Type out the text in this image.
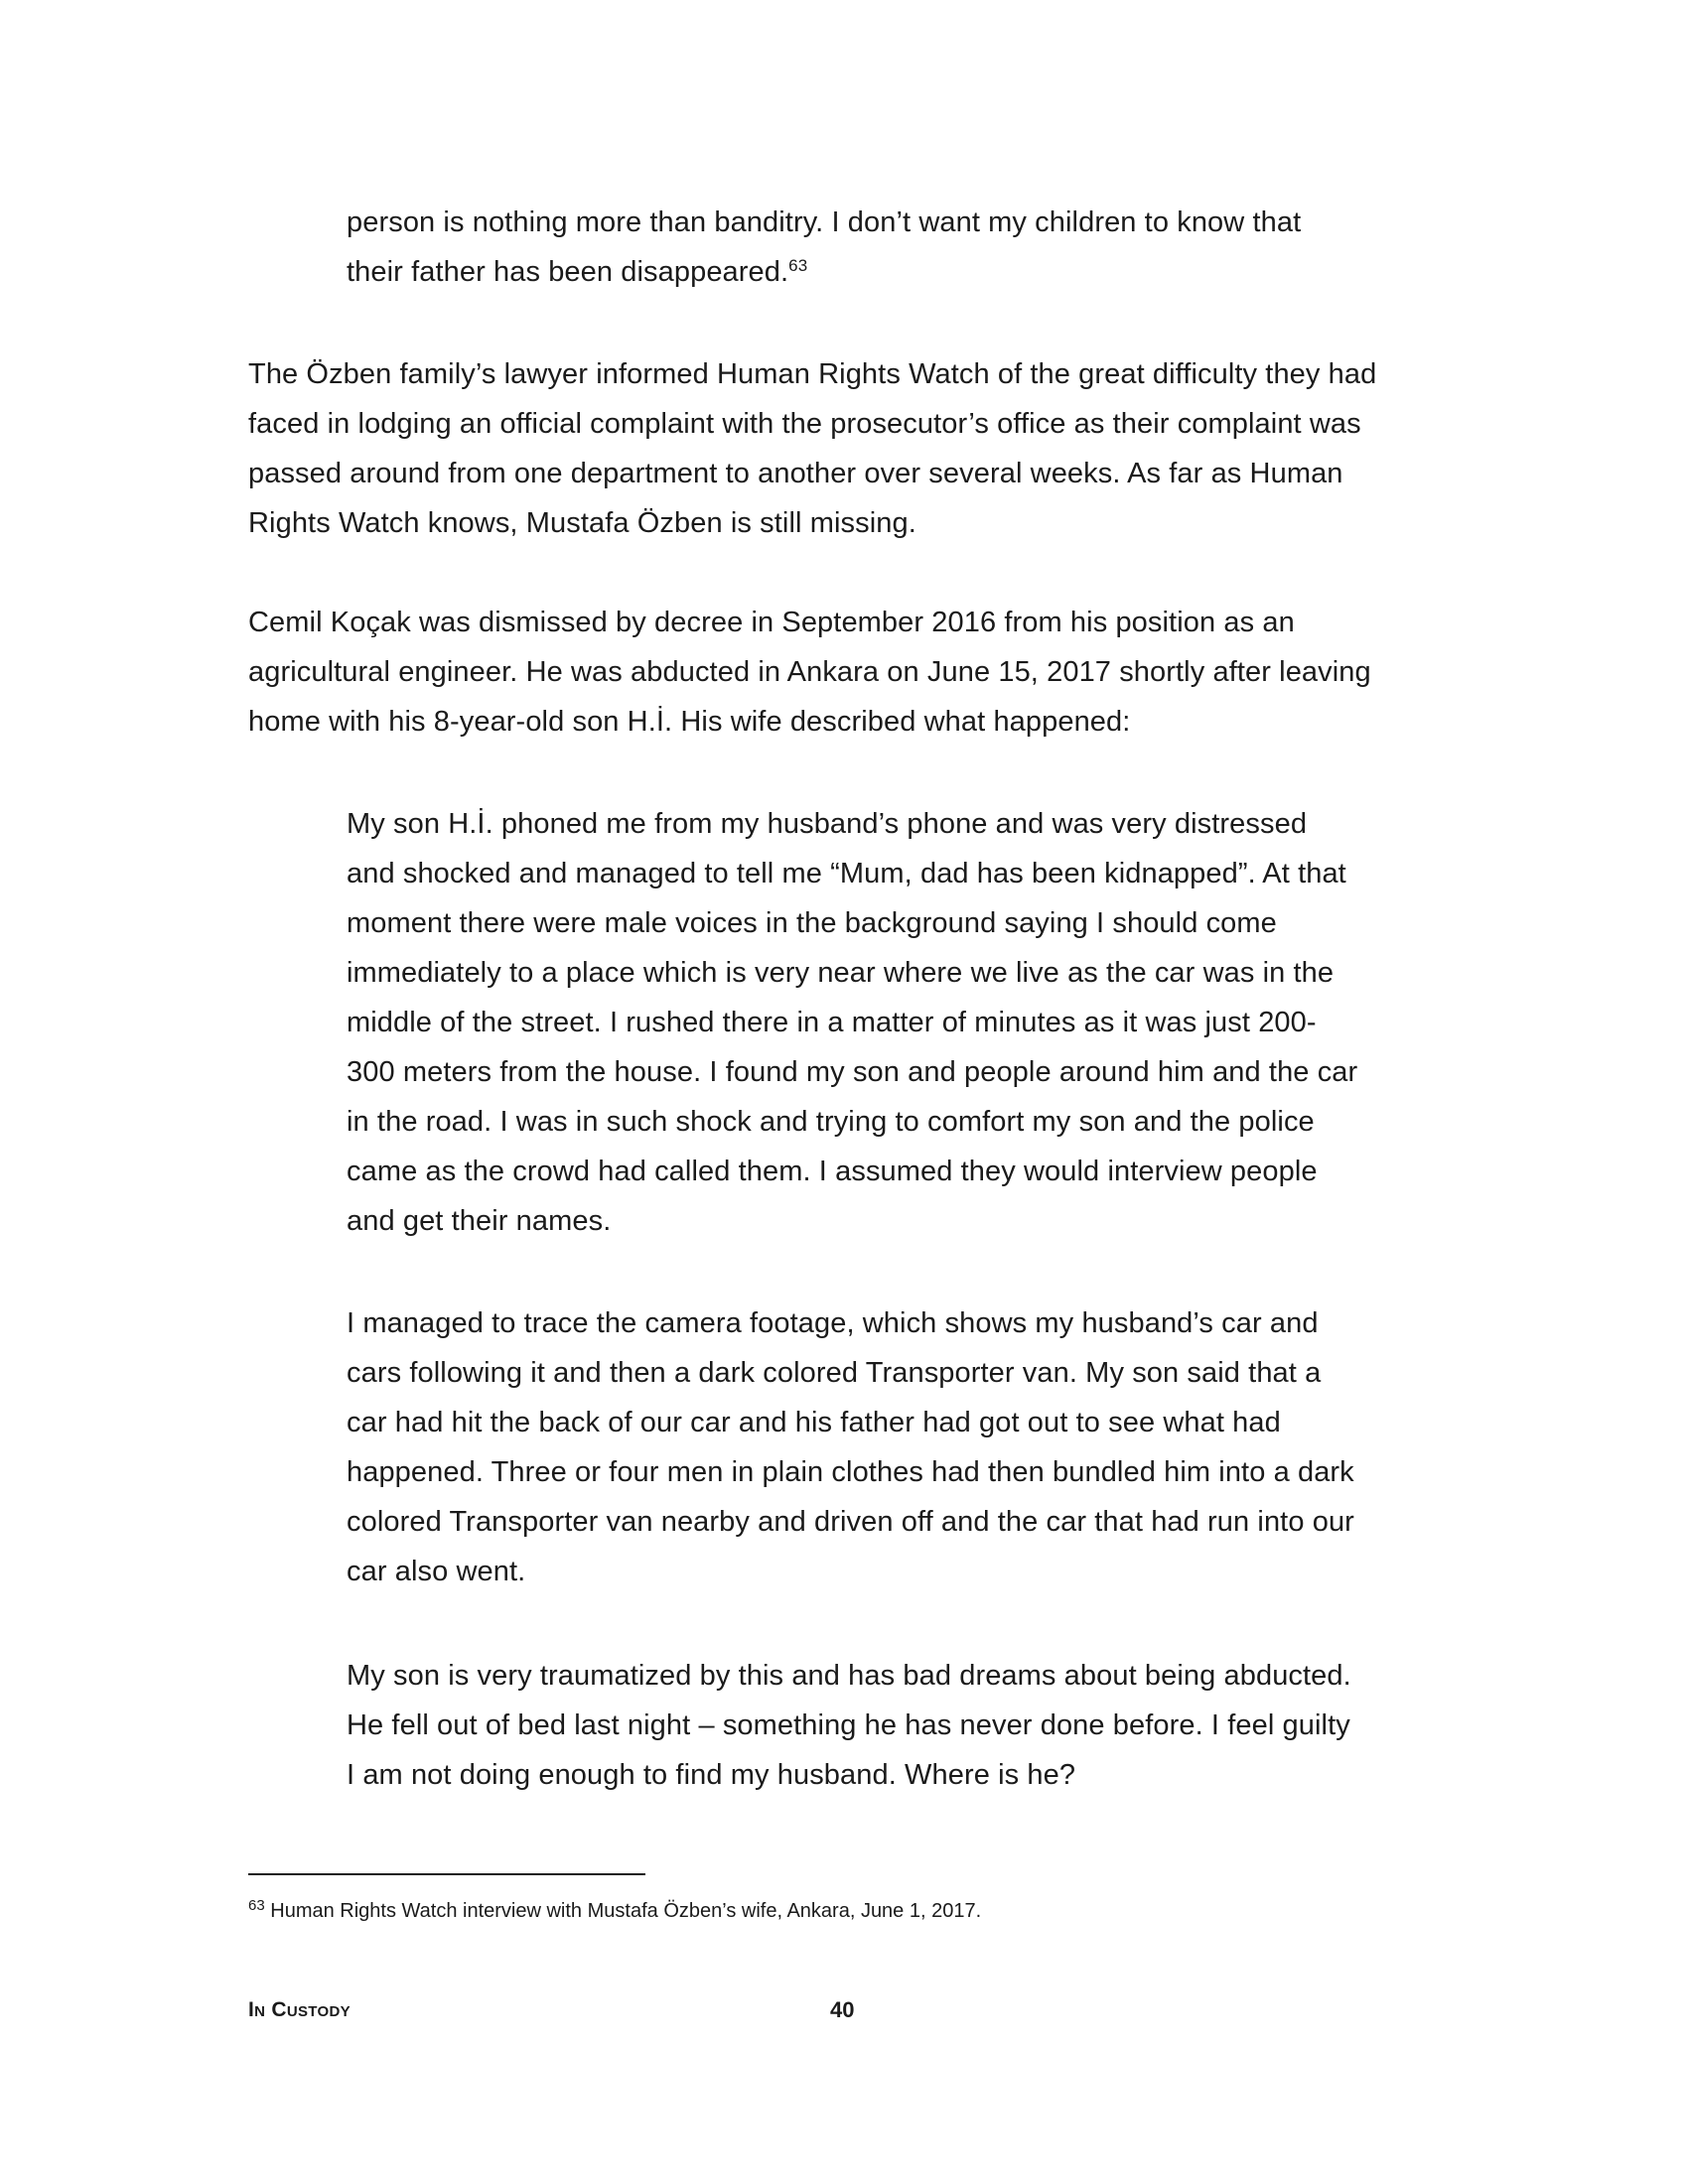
person is nothing more than banditry. I don’t want my children to know that their father has been disappeared.$^{63}$

The Özben family’s lawyer informed Human Rights Watch of the great difficulty they had faced in lodging an official complaint with the prosecutor’s office as their complaint was passed around from one department to another over several weeks. As far as Human Rights Watch knows, Mustafa Özben is still missing.

Cemil Koçak was dismissed by decree in September 2016 from his position as an agricultural engineer. He was abducted in Ankara on June 15, 2017 shortly after leaving home with his 8-year-old son H.İ. His wife described what happened:

My son H.İ. phoned me from my husband’s phone and was very distressed and shocked and managed to tell me “Mum, dad has been kidnapped”. At that moment there were male voices in the background saying I should come immediately to a place which is very near where we live as the car was in the middle of the street. I rushed there in a matter of minutes as it was just 200-300 meters from the house. I found my son and people around him and the car in the road. I was in such shock and trying to comfort my son and the police came as the crowd had called them. I assumed they would interview people and get their names.

I managed to trace the camera footage, which shows my husband’s car and cars following it and then a dark colored Transporter van. My son said that a car had hit the back of our car and his father had got out to see what had happened. Three or four men in plain clothes had then bundled him into a dark colored Transporter van nearby and driven off and the car that had run into our car also went.

My son is very traumatized by this and has bad dreams about being abducted. He fell out of bed last night – something he has never done before. I feel guilty I am not doing enough to find my husband. Where is he?

$^{63}$ Human Rights Watch interview with Mustafa Özben’s wife, Ankara, June 1, 2017.

In Custody	40
